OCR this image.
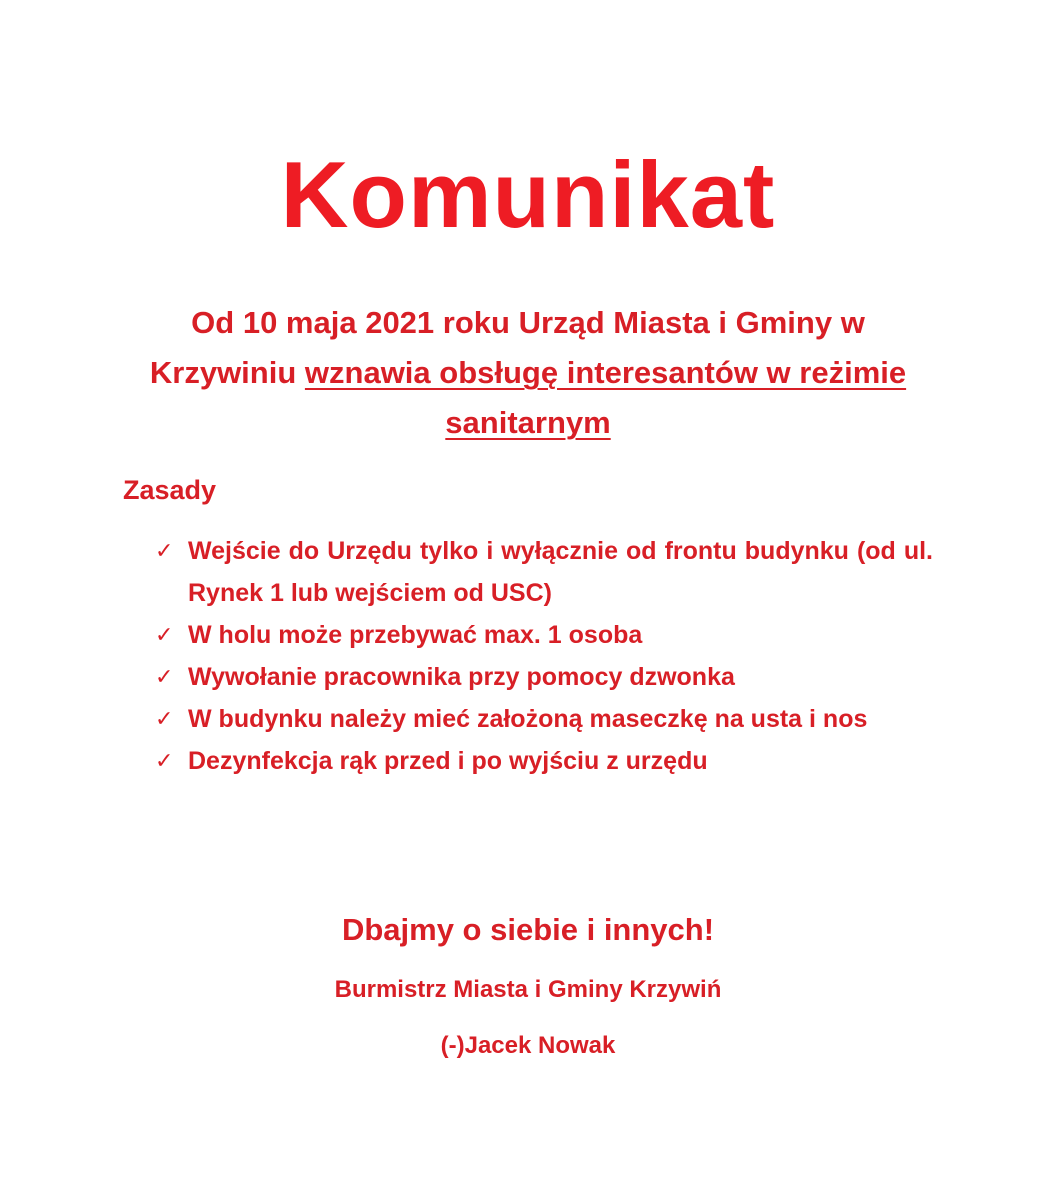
Komunikat
Od 10 maja 2021 roku Urząd Miasta i Gminy w Krzywiniu wznawia obsługę interesantów w reżimie sanitarnym
Zasady
✓ Wejście do Urzędu tylko i wyłącznie od frontu budynku (od ul. Rynek 1 lub wejściem od USC)
✓ W holu może przebywać max. 1 osoba
✓ Wywołanie pracownika przy pomocy dzwonka
✓ W budynku należy mieć założoną maseczkę na usta i nos
✓ Dezynfekcja rąk przed i po wyjściu z urzędu
Dbajmy o siebie i innych!
Burmistrz Miasta i Gminy Krzywiń
(-)Jacek Nowak
